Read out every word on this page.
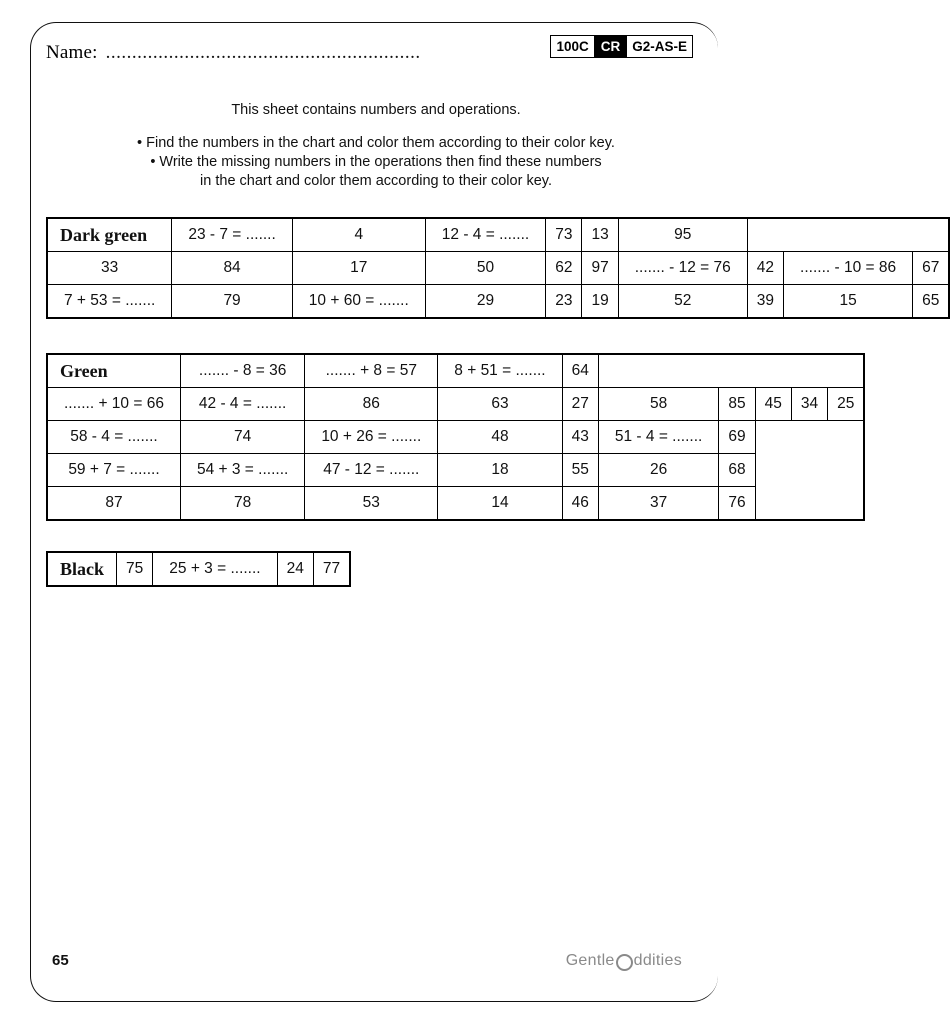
Name: ............................................................	100C CR G2-AS-E
This sheet contains numbers and operations.
• Find the numbers in the chart and color them according to their color key.
• Write the missing numbers in the operations then find these numbers
in the chart and color them according to their color key.
Dark green	23 - 7 = .......	4	12 - 4 = .......	73	13	95			
33	84	17	50	62	97	....... - 12 = 76	42	....... - 10 = 86	67
7 + 53 = .......	79	10 + 60 = .......	29	23	19	52	39	15	65
Green	....... - 8 = 36	....... + 8 = 57	8 + 51 = .......	64					
....... + 10 = 66	42 - 4 = .......	86	63	27	58	85	45	34	25
58 - 4 = .......	74	10 + 26 = .......	48	43	51 - 4 = .......	69			
59 + 7 = .......	54 + 3 = .......	47 - 12 = .......	18	55	26	68			
87	78	53	14	46	37	76			
Black	75	25 + 3 = .......	24	77
65	Gentle ddities
